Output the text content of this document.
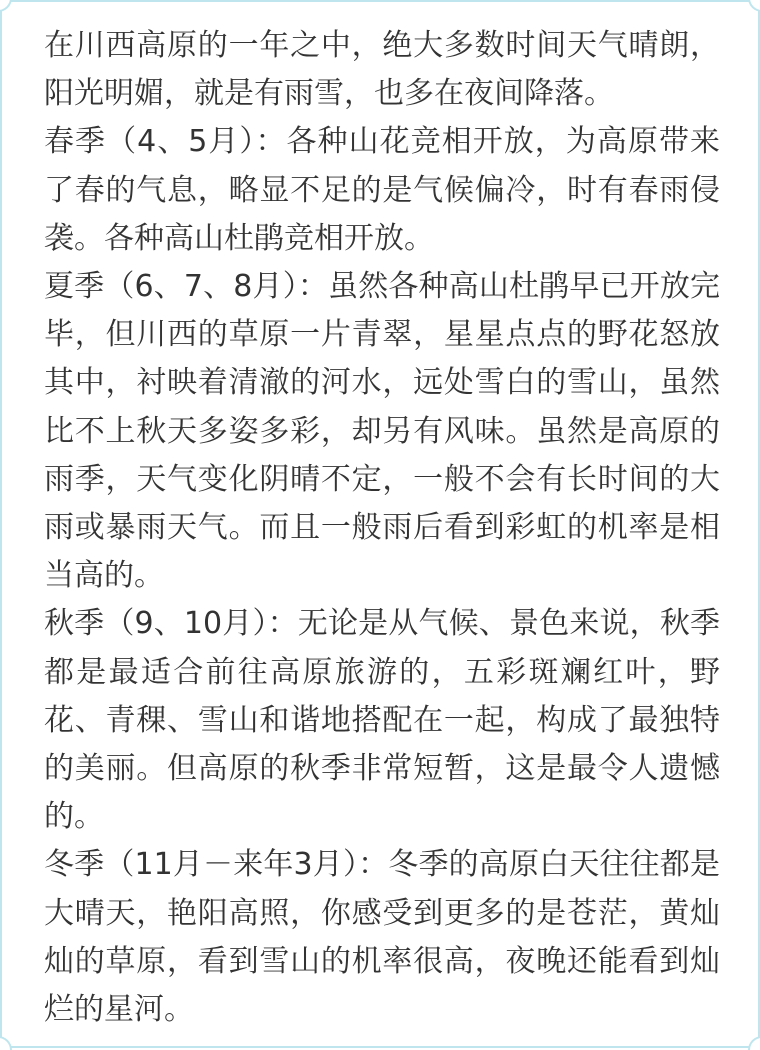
在川西高原的一年之中，绝大多数时间天气晴朗，阳光明媚，就是有雨雪，也多在夜间降落。

春季（4、5月）：各种山花竞相开放，为高原带来了春的气息，略显不足的是气候偏冷，时有春雨侵袭。各种高山杜鹃竞相开放。

夏季（6、7、8月）：虽然各种高山杜鹃早已开放完毕，但川西的草原一片青翠，星星点点的野花怒放其中，衬映着清澈的河水，远处雪白的雪山，虽然比不上秋天多姿多彩，却另有风味。虽然是高原的雨季，天气变化阴晴不定，一般不会有长时间的大雨或暴雨天气。而且一般雨后看到彩虹的机率是相当高的。

秋季（9、10月）：无论是从气候、景色来说，秋季都是最适合前往高原旅游的，五彩斑斓红叶，野花、青稞、雪山和谐地搭配在一起，构成了最独特的美丽。但高原的秋季非常短暂，这是最令人遗憾的。

冬季（11月－来年3月）：冬季的高原白天往往都是大晴天，艳阳高照，你感受到更多的是苍茫，黄灿灿的草原，看到雪山的机率很高，夜晚还能看到灿烂的星河。
